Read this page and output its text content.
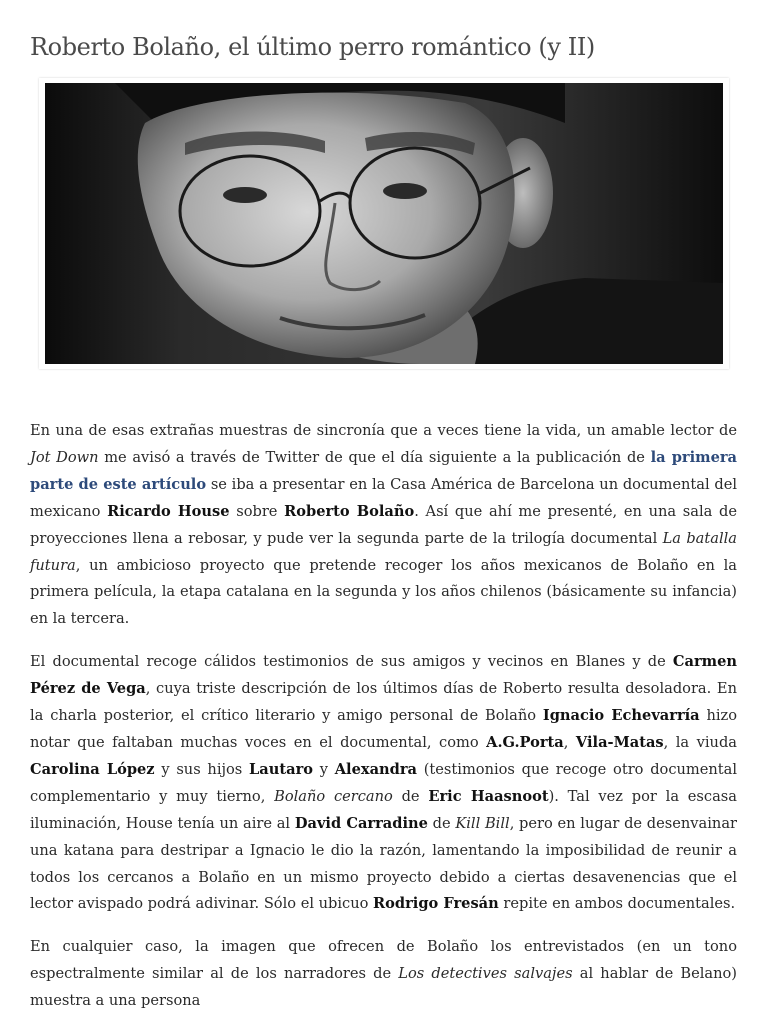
Roberto Bolaño, el último perro romántico (y II)

En una de esas extrañas muestras de sincronía que a veces tiene la vida, un amable lector de Jot Down me avisó a través de Twitter de que el día siguiente a la publicación de la primera parte de este artículo se iba a presentar en la Casa América de Barcelona un documental del mexicano Ricardo House sobre Roberto Bolaño. Así que ahí me presenté, en una sala de proyecciones llena a rebosar, y pude ver la segunda parte de la trilogía documental La batalla futura, un ambicioso proyecto que pretende recoger los años mexicanos de Bolaño en la primera película, la etapa catalana en la segunda y los años chilenos (básicamente su infancia) en la tercera.

El documental recoge cálidos testimonios de sus amigos y vecinos en Blanes y de Carmen Pérez de Vega, cuya triste descripción de los últimos días de Roberto resulta desoladora. En la charla posterior, el crítico literario y amigo personal de Bolaño Ignacio Echevarría hizo notar que faltaban muchas voces en el documental, como A.G.Porta, Vila-Matas, la viuda Carolina López y sus hijos Lautaro y Alexandra (testimonios que recoge otro documental complementario y muy tierno, Bolaño cercano de Eric Haasnoot). Tal vez por la escasa iluminación, House tenía un aire al David Carradine de Kill Bill, pero en lugar de desenvainar una katana para destripar a Ignacio le dio la razón, lamentando la imposibilidad de reunir a todos los cercanos a Bolaño en un mismo proyecto debido a ciertas desavenencias que el lector avispado podrá adivinar. Sólo el ubicuo Rodrigo Fresán repite en ambos documentales.

En cualquier caso, la imagen que ofrecen de Bolaño los entrevistados (en un tono espectralmente similar al de los narradores de Los detectives salvajes al hablar de Belano) muestra a una persona
